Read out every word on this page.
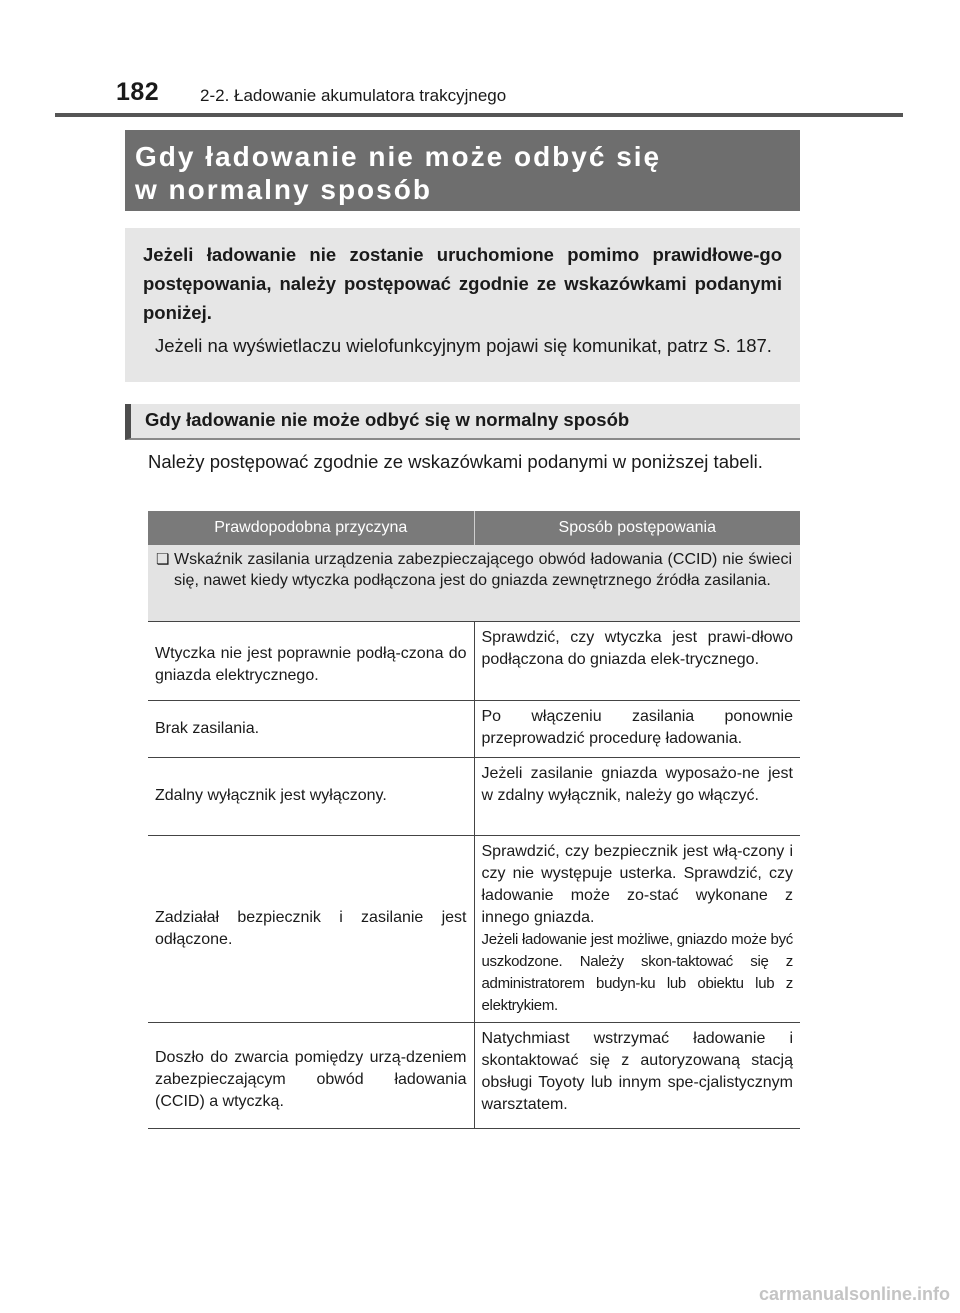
182 2-2. Ładowanie akumulatora trakcyjnego
Gdy ładowanie nie może odbyć się
w normalny sposób

Jeżeli ładowanie nie zostanie uruchomione pomimo prawidłowe-go postępowania, należy postępować zgodnie ze wskazówkami podanymi poniżej.

Jeżeli na wyświetlaczu wielofunkcyjnym pojawi się komunikat, patrz S. 187.

Gdy ładowanie nie może odbyć się w normalny sposób

Należy postępować zgodnie ze wskazówkami podanymi w poniższej tabeli.

Prawdopodobna przyczyna	Sposób postępowania

❏ Wskaźnik zasilania urządzenia zabezpieczającego obwód ładowania (CCID) nie świeci się, nawet kiedy wtyczka podłączona jest do gniazda zewnętrznego źródła zasilania.	

Wtyczka nie jest poprawnie podłą-czona do gniazda elektrycznego.	Sprawdzić, czy wtyczka jest prawi-dłowo podłączona do gniazda elek-trycznego.
Brak zasilania.	Po włączeniu zasilania ponownie przeprowadzić procedurę ładowania.
Zdalny wyłącznik jest wyłączony.	Jeżeli zasilanie gniazda wyposażo-ne jest w zdalny wyłącznik, należy go włączyć.
Zadziałał bezpiecznik i zasilanie jest odłączone.	Sprawdzić, czy bezpiecznik jest włą-czony i czy nie występuje usterka. Sprawdzić, czy ładowanie może zo-stać wykonane z innego gniazda.
Jeżeli ładowanie jest możliwe, gniazdo może być uszkodzone. Należy skon-taktować się z administratorem budyn-ku lub obiektu lub z elektrykiem.

Doszło do zwarcia pomiędzy urzą-dzeniem zabezpieczającym obwód ładowania (CCID) a wtyczką.	Natychmiast wstrzymać ładowanie i skontaktować się z autoryzowaną stacją obsługi Toyoty lub innym spe-cjalistycznym warsztatem.
carmanualsonline.info
